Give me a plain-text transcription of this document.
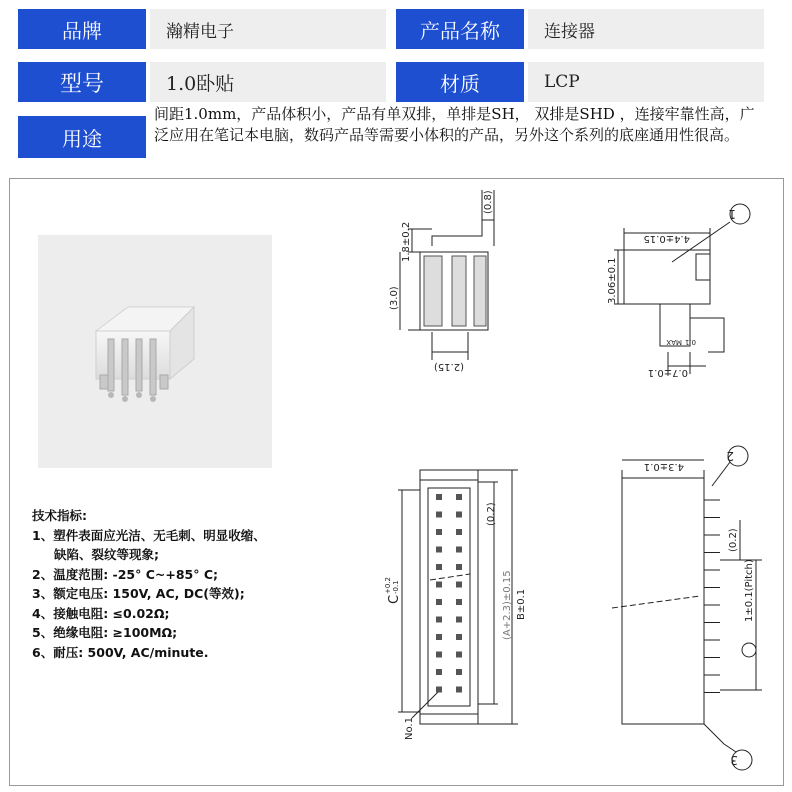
品牌	瀚精电子	产品名称	连接器
型号	1.0卧贴	材质	LCP
用途
间距1.0mm，产品体积小，产品有单双排，单排是SH， 双排是SHD ，连接牢靠性高，广泛应用在笔记本电脑，数码产品等需要小体积的产品，另外这个系列的底座通用性很高。
技术指标:
1、塑件表面应光洁、无毛刺、明显收缩、
缺陷、裂纹等现象;
2、温度范围: -25° C~+85° C;
3、额定电压: 150V, AC, DC(等效);
4、接触电阻: ≤0.02Ω;
5、绝缘电阻: ≥100MΩ;
6、耐压: 500V, AC/minute.
(0.8)
1.8±0.2
(3.0)
(2.15)
4.4±0.15
3.06±0.1
0.7±0.1
4.3±0.1
(0.2)
(A+2.3)±0.15 B±0.1
C
+0.2 -0.1
(0.2)
1±0.1(Pitch)
No.1
MAX 0.1
1
2
3
